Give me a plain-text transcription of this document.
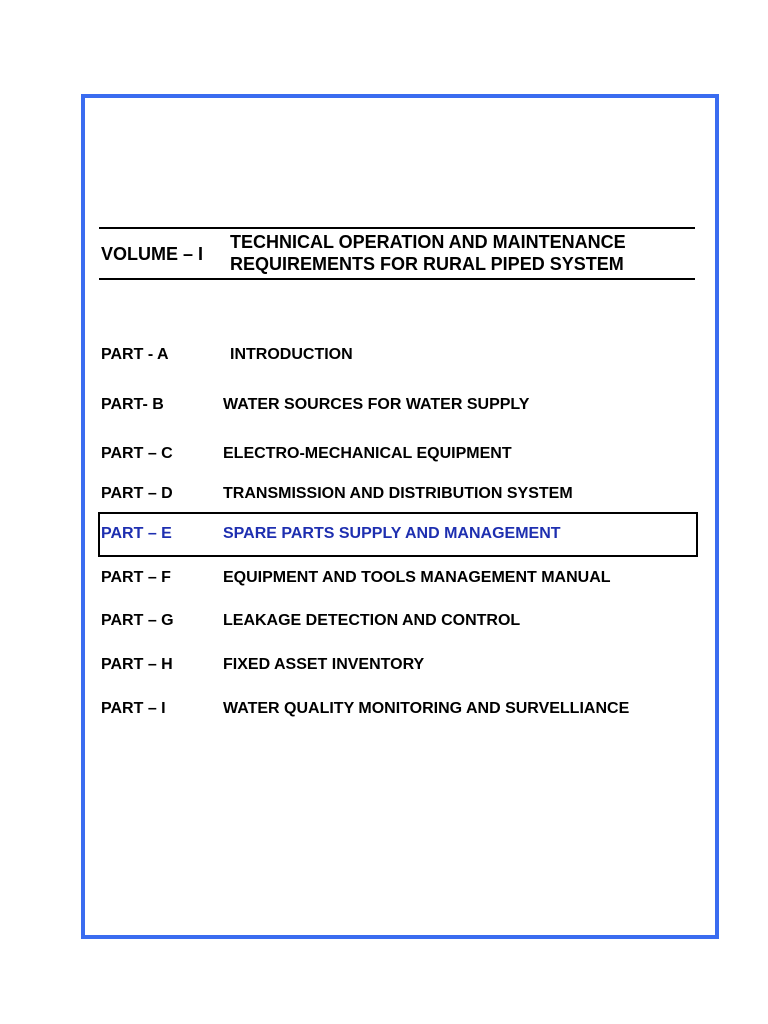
VOLUME – I
TECHNICAL OPERATION AND MAINTENANCE
REQUIREMENTS FOR RURAL PIPED SYSTEM
PART - A	INTRODUCTION
PART- B	WATER SOURCES FOR WATER SUPPLY
PART – C	ELECTRO-MECHANICAL EQUIPMENT
PART – D	TRANSMISSION AND DISTRIBUTION SYSTEM
PART – E	SPARE PARTS SUPPLY AND MANAGEMENT
PART – F	EQUIPMENT AND TOOLS MANAGEMENT MANUAL
PART – G	LEAKAGE DETECTION AND CONTROL
PART – H	FIXED ASSET INVENTORY
PART – I	WATER QUALITY MONITORING AND SURVELLIANCE
